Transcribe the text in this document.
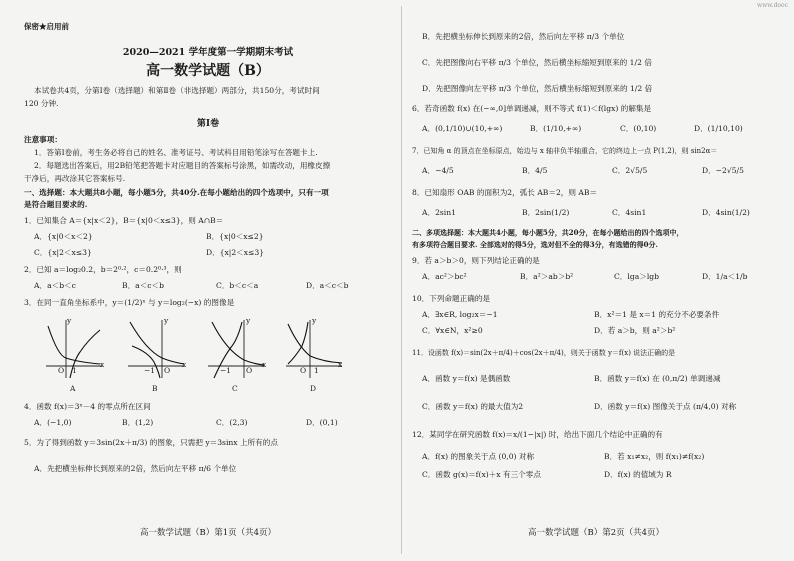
www.dooc
保密★启用前
2020—2021 学年度第一学期期末考试
高一数学试题（B）
本试卷共4页，分第Ⅰ卷（选择题）和第Ⅱ卷（非选择题）两部分，共150分，考试时间
120 分钟.
第Ⅰ卷
注意事项：
1．答第Ⅰ卷前，考生务必将自己的姓名、准考证号、考试科目用铅笔涂写在答题卡上.
2．每题选出答案后，用2B铅笔把答题卡对应题目的答案标号涂黑，如需改动，用橡皮擦
干净后，再改涂其它答案标号.
一、选择题：本大题共8小题，每小题5分，共40分.在每小题给出的四个选项中，只有一项
是符合题目要求的.
1．已知集合 A＝{x|x＜2}，B＝{x|0＜x≤3}，则 A∩B＝
A．{x|0＜x＜2}	B．{x|0＜x≤2}
C．{x|2＜x≤3}	D．{x|2＜x≤3}
2．已知 a＝log₂0.2，b＝2⁰·²，c＝0.2⁰·³，则
A．a＜b＜c	B．a＜c＜b	C．b＜c＜a	D．a＜c＜b
3．在同一直角坐标系中，y＝(1/2)ˣ 与 y＝log₂(−x) 的图像是
y
x
O 1
A
y
x
−1 O
B
y
x
−1 O
C
y
x
O 1
D
4．函数 f(x)＝3ˣ－4 的零点所在区间
A．(−1,0)	B．(1,2)	C．(2,3)	D．(0,1)
5．为了得到函数 y＝3sin(2x＋π/3) 的图象，只需把 y＝3sinx 上所有的点
A．先把横坐标伸长到原来的2倍，然后向左平移 π/6 个单位
高一数学试题（B）第1页（共4页）
B．先把横坐标伸长到原来的2倍，然后向左平移 π/3 个单位
C．先把图像向右平移 π/3 个单位，然后横坐标缩短到原来的 1/2 倍
D．先把图像向左平移 π/3 个单位，然后横坐标缩短到原来的 1/2 倍
6．若奇函数 f(x) 在(−∞,0]单调递减，则不等式 f(1)＜f(lgx) 的解集是
A．(0,1/10)∪(10,+∞)	B．(1/10,+∞)	C．(0,10)	D．(1/10,10)
7．已知角 α 的顶点在坐标原点，始边与 x 轴非负半轴重合，它的终边上一点 P(1,2)，则 sin2α＝
A．−4/5	B．4/5	C．2√5/5	D．−2√5/5
8．已知扇形 OAB 的面积为2，弧长 AB＝2，则 AB＝
A．2sin1	B．2sin(1/2)	C．4sin1	D．4sin(1/2)
二、多项选择题：本大题共4小题，每小题5分，共20分，在每小题给出的四个选项中，
有多项符合题目要求. 全部选对的得5分，选对但不全的得3分，有选错的得0分.
9．若 a＞b＞0，则下列结论正确的是
A．ac²＞bc²	B．a²＞ab＞b²	C．lga＞lgb	D．1/a＜1/b
10．下列命题正确的是
A．∃x∈R, log₂x＝−1	B．x²＝1 是 x＝1 的充分不必要条件
C．∀x∈N，x²≥0	D．若 a＞b，则 a²＞b²
11．设函数 f(x)＝sin(2x＋π/4)＋cos(2x＋π/4)，则关于函数 y＝f(x) 说法正确的是
A．函数 y＝f(x) 是偶函数	B．函数 y＝f(x) 在 (0,π/2) 单调递减
C．函数 y＝f(x) 的最大值为2	D．函数 y＝f(x) 图像关于点 (π/4,0) 对称
12．某同学在研究函数 f(x)＝x/(1−|x|) 时，给出下面几个结论中正确的有
A．f(x) 的图象关于点 (0,0) 对称	B．若 x₁≠x₂，则 f(x₁)≠f(x₂)
C．函数 g(x)＝f(x)＋x 有三个零点	D．f(x) 的值域为 R
高一数学试题（B）第2页（共4页）
